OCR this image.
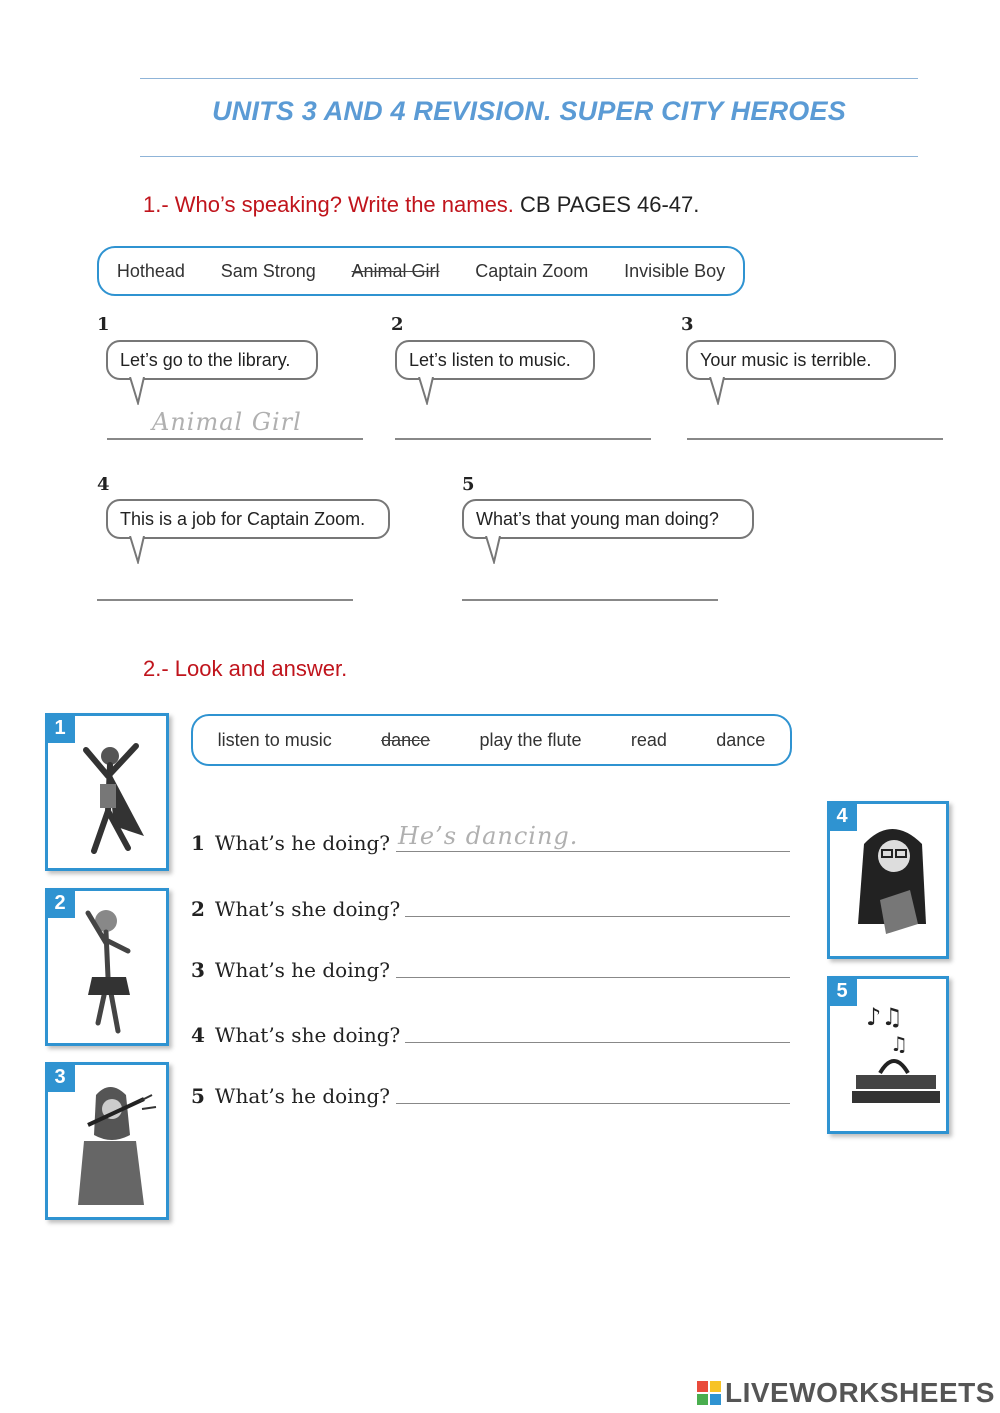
UNITS 3 AND 4 REVISION. SUPER CITY HEROES
1.- Who’s speaking? Write the names. CB PAGES 46-47.
Hothead Sam Strong Animal Girl Captain Zoom Invisible Boy
1
Let’s go to the library.
Animal Girl
2
Let’s listen to music.
3
Your music is terrible.
4
This is a job for Captain Zoom.
5
What’s that young man doing?
2.- Look and answer.
listen to music	dance	play the flute	read	dance
1 What’s he doing? He’s dancing.
2 What’s she doing?
3 What’s he doing?
4 What’s she doing?
5 What’s he doing?
1
2
3
4
♪♫
♫
5
LIVEWORKSHEETS
